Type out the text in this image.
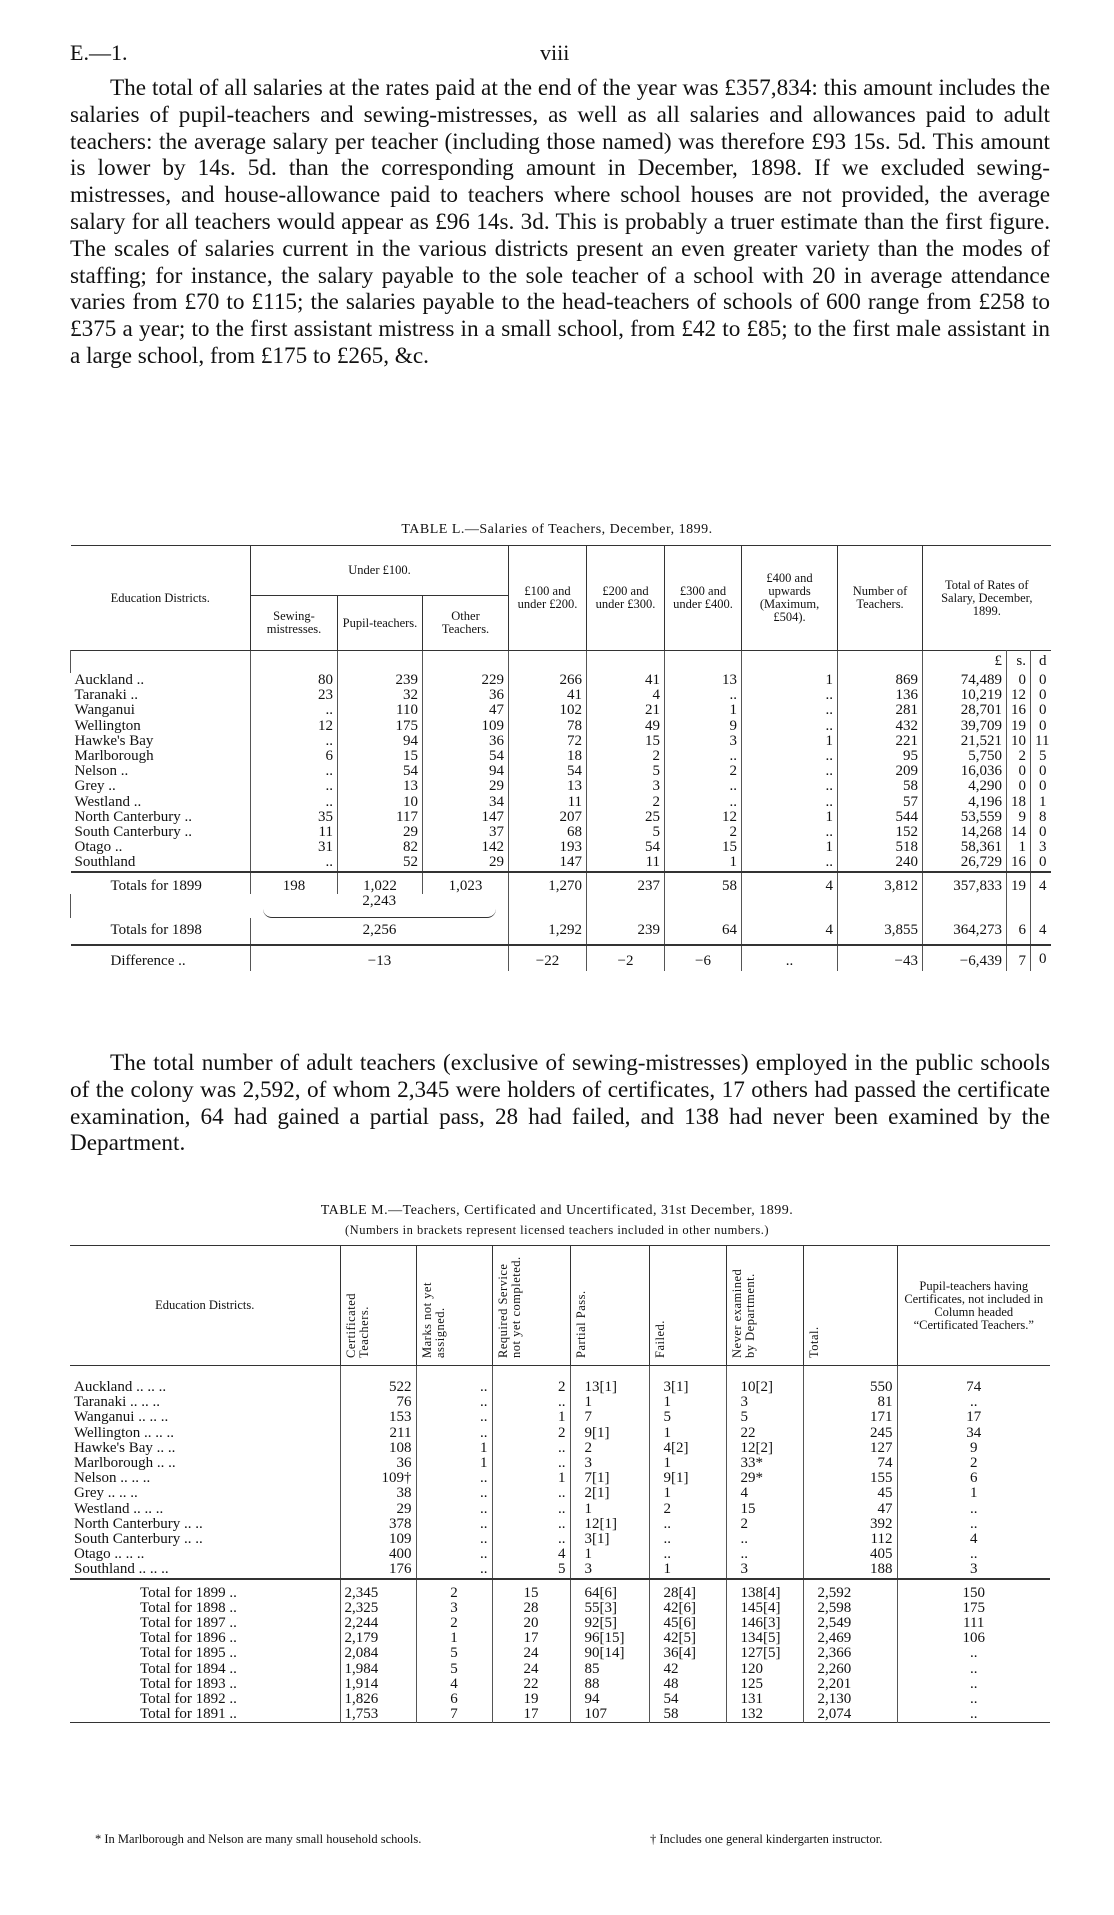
E.—1.	viii
The total of all salaries at the rates paid at the end of the year was £357,834: this amount includes the salaries of pupil-teachers and sewing-mistresses, as well as all salaries and allowances paid to adult teachers: the average salary per teacher (including those named) was therefore £93 15s. 5d. This amount is lower by 14s. 5d. than the corresponding amount in December, 1898. If we excluded sewing-mistresses, and house-allowance paid to teachers where school houses are not provided, the average salary for all teachers would appear as £96 14s. 3d. This is probably a truer estimate than the first figure. The scales of salaries current in the various districts present an even greater variety than the modes of staffing; for instance, the salary payable to the sole teacher of a school with 20 in average attendance varies from £70 to £115; the salaries payable to the head-teachers of schools of 600 range from £258 to £375 a year; to the first assistant mistress in a small school, from £42 to £85; to the first male assistant in a large school, from £175 to £265, &c.
TABLE L.—Salaries of Teachers, December, 1899.
Education Districts.	Under £100.			£100 and under £200.	£200 and under £300.	£300 and under £400.	£400 and upwards (Maximum, £504).	Number of Teachers.	Total of Rates of Salary, December, 1899.		
	Sewing-mistresses.	Pupil-teachers.	Other Teachers.								
									£	s.	d
Auckland ..	80	239	229	266	41	13	1	869	74,489	0	0
Taranaki ..	23	32	36	41	4	..	..	136	10,219	12	0
Wanganui	..	110	47	102	21	1	..	281	28,701	16	0
Wellington	12	175	109	78	49	9	..	432	39,709	19	0
Hawke's Bay	..	94	36	72	15	3	1	221	21,521	10	11
Marlborough	6	15	54	18	2	..	..	95	5,750	2	5
Nelson ..	..	54	94	54	5	2	..	209	16,036	0	0
Grey ..	..	13	29	13	3	..	..	58	4,290	0	0
Westland ..	..	10	34	11	2	..	..	57	4,196	18	1
North Canterbury ..	35	117	147	207	25	12	1	544	53,559	9	8
South Canterbury ..	11	29	37	68	5	2	..	152	14,268	14	0
Otago ..	31	82	142	193	54	15	1	518	58,361	1	3
Southland	..	52	29	147	11	1	..	240	26,729	16	0
Totals for 1899	198	1,022	1,023	1,270	237	58	4	3,812	357,833	19	4
	2,243		

Totals for 1898	2,256			1,292	239	64	4	3,855	364,273	6	4
Difference ..	−13			−22	−2	−6	..	−43	−6,439	7	0
The total number of adult teachers (exclusive of sewing-mistresses) employed in the public schools of the colony was 2,592, of whom 2,345 were holders of certificates, 17 others had passed the certificate examination, 64 had gained a partial pass, 28 had failed, and 138 had never been examined by the Department.
TABLE M.—Teachers, Certificated and Uncertificated, 31st December, 1899.
(Numbers in brackets represent licensed teachers included in other numbers.)
Education Districts.	Certificated Teachers.	Marks not yet assigned.	Required Service not yet completed.	Partial Pass.	Failed.	Never examined by Department.	Total.	Pupil-teachers having Certificates, not included in Column headed “Certificated Teachers.”

Auckland .. .. ..	522	..	2	13[1]	3[1]	10[2]	550	74
Taranaki .. .. ..	76	..	..	1	1	3	81	..
Wanganui .. .. ..	153	..	1	7	5	5	171	17
Wellington .. .. ..	211	..	2	9[1]	1	22	245	34
Hawke's Bay .. ..	108	1	..	2	4[2]	12[2]	127	9
Marlborough .. ..	36	1	..	3	1	33*	74	2
Nelson .. .. ..	109†	..	1	7[1]	9[1]	29*	155	6
Grey .. .. ..	38	..	..	2[1]	1	4	45	1
Westland .. .. ..	29	..	..	1	2	15	47	..
North Canterbury .. ..	378	..	..	12[1]	..	2	392	..
South Canterbury .. ..	109	..	..	3[1]	..	..	112	4
Otago .. .. ..	400	..	4	1	..	..	405	..
Southland .. .. ..	176	..	5	3	1	3	188	3
Total for 1899 ..	2,345	2	15	64[6]	28[4]	138[4]	2,592	150
Total for 1898 ..	2,325	3	28	55[3]	42[6]	145[4]	2,598	175
Total for 1897 ..	2,244	2	20	92[5]	45[6]	146[3]	2,549	111
Total for 1896 ..	2,179	1	17	96[15]	42[5]	134[5]	2,469	106
Total for 1895 ..	2,084	5	24	90[14]	36[4]	127[5]	2,366	..
Total for 1894 ..	1,984	5	24	85	42	120	2,260	..
Total for 1893 ..	1,914	4	22	88	48	125	2,201	..
Total for 1892 ..	1,826	6	19	94	54	131	2,130	..
Total for 1891 ..	1,753	7	17	107	58	132	2,074	..
* In Marlborough and Nelson are many small household schools.	† Includes one general kindergarten instructor.
